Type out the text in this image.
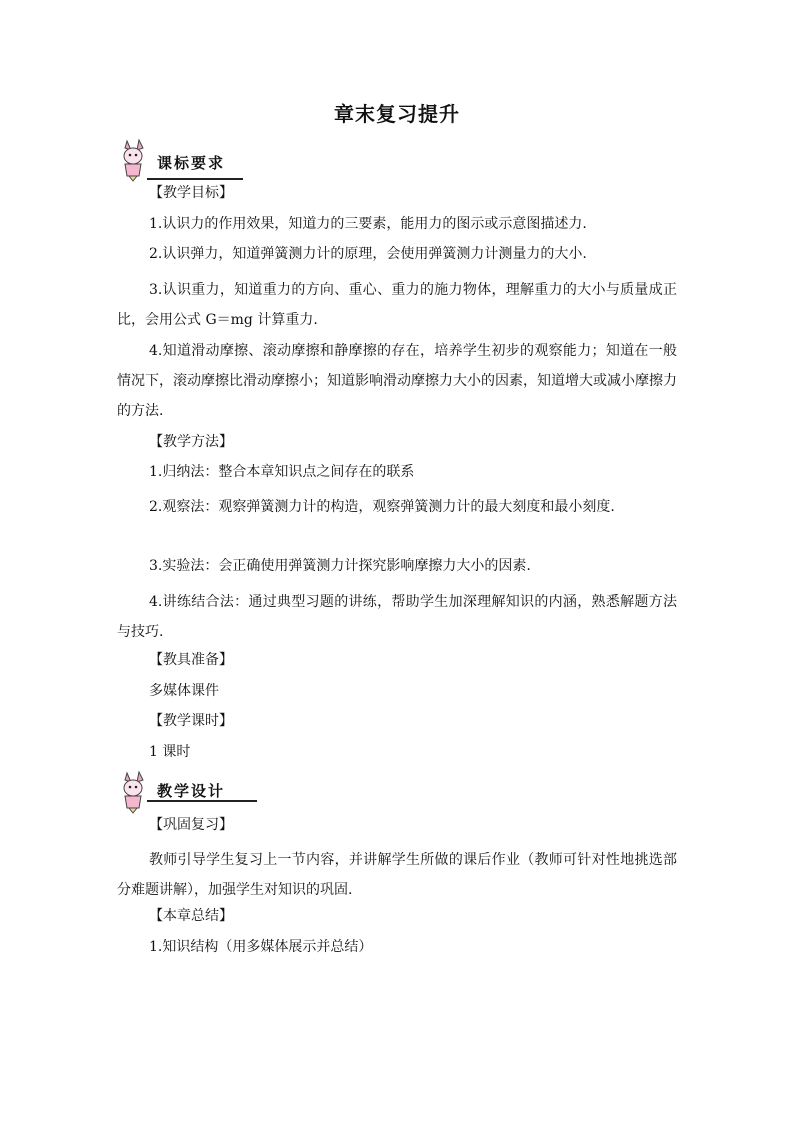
章末复习提升
课标要求
【教学目标】
1.认识力的作用效果，知道力的三要素，能用力的图示或示意图描述力.
2.认识弹力，知道弹簧测力计的原理，会使用弹簧测力计测量力的大小.
3.认识重力，知道重力的方向、重心、重力的施力物体，理解重力的大小与质量成正比，会用公式 G＝mg 计算重力.
4.知道滑动摩擦、滚动摩擦和静摩擦的存在，培养学生初步的观察能力；知道在一般情况下，滚动摩擦比滑动摩擦小；知道影响滑动摩擦力大小的因素，知道增大或减小摩擦力的方法.
【教学方法】
1.归纳法：整合本章知识点之间存在的联系
2.观察法：观察弹簧测力计的构造，观察弹簧测力计的最大刻度和最小刻度.
3.实验法：会正确使用弹簧测力计探究影响摩擦力大小的因素.
4.讲练结合法：通过典型习题的讲练，帮助学生加深理解知识的内涵，熟悉解题方法与技巧.
【教具准备】
多媒体课件
【教学课时】
1 课时
教学设计
【巩固复习】
教师引导学生复习上一节内容，并讲解学生所做的课后作业（教师可针对性地挑选部分难题讲解），加强学生对知识的巩固.
【本章总结】
1.知识结构（用多媒体展示并总结）
